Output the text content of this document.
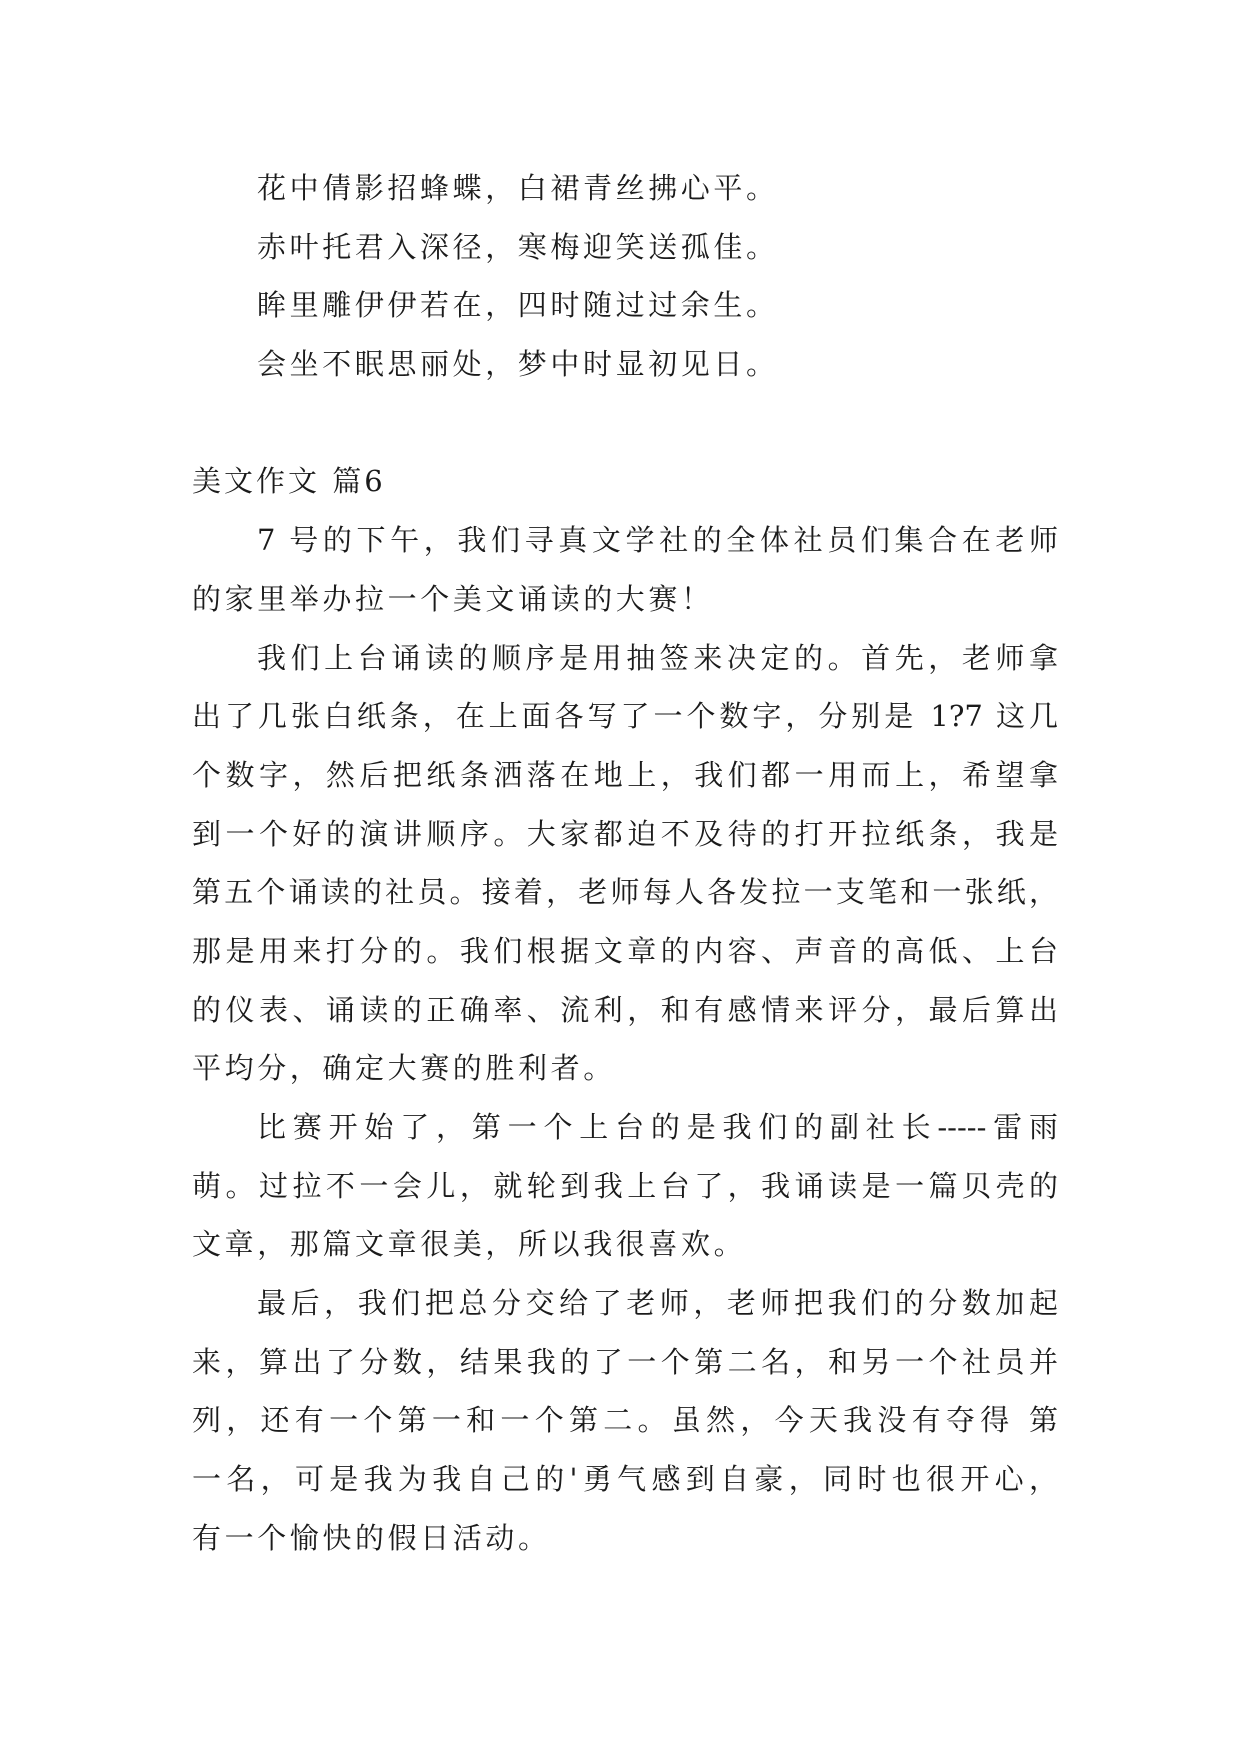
花中倩影招蜂蝶，白裙青丝拂心平。
赤叶托君入深径，寒梅迎笑送孤佳。
眸里雕伊伊若在，四时随过过余生。
会坐不眠思丽处，梦中时显初见日。
美文作文 篇6
7 号的下午，我们寻真文学社的全体社员们集合在老师
的家里举办拉一个美文诵读的大赛！
我们上台诵读的顺序是用抽签来决定的。首先，老师拿
出了几张白纸条，在上面各写了一个数字，分别是 1?7 这几
个数字，然后把纸条洒落在地上，我们都一用而上，希望拿
到一个好的演讲顺序。大家都迫不及待的打开拉纸条，我是
第五个诵读的社员。接着，老师每人各发拉一支笔和一张纸，
那是用来打分的。我们根据文章的内容、声音的高低、上台
的仪表、诵读的正确率、流利，和有感情来评分，最后算出
平均分，确定大赛的胜利者。
比赛开始了，第一个上台的是我们的副社长-----雷雨
萌。过拉不一会儿，就轮到我上台了，我诵读是一篇贝壳的
文章，那篇文章很美，所以我很喜欢。
最后，我们把总分交给了老师，老师把我们的分数加起
来，算出了分数，结果我的了一个第二名，和另一个社员并
列，还有一个第一和一个第二。虽然，今天我没有夺得 第
一名，可是我为我自己的'勇气感到自豪，同时也很开心，
有一个愉快的假日活动。
